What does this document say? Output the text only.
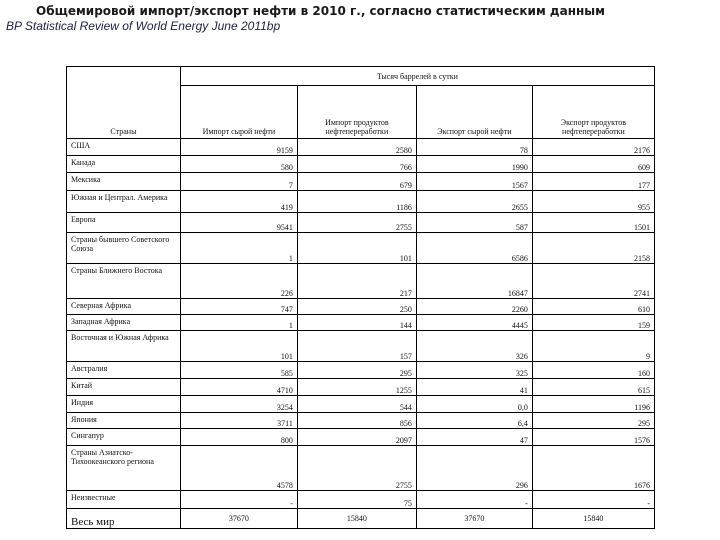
Общемировой импорт/экспорт нефти в 2010 г., согласно статистическим данным
BP Statistical Review of World Energy June 2011bp
Страны	Тысяч баррелей в сутки			
	Импорт сырой нефти	Импорт продуктов нефтепереработки	Экспорт сырой нефти	Экспорт продуктов нефтепереработки
США	9159	2580	78	2176
Канада	580	766	1990	609
Мексика	7	679	1567	177
Южная и Централ. Америка	419	1186	2655	955
Европа	9541	2755	587	1501
Страны бывшего Советского Союза	1	101	6586	2158
Страны Ближнего Востока	226	217	16847	2741
Северная Африка	747	250	2260	610
Западная Африка	1	144	4445	159
Восточная и Южная Африка	101	157	326	9
Австралия	585	295	325	160
Китай	4710	1255	41	615
Индия	3254	544	0,0	1196
Япония	3711	856	6,4	295
Сингапур	800	2097	47	1576
Страны Азиатско-Тихоокеанского региона	4578	2755	296	1676
Неизвестные	-	75	-	-
Весь мир	37670	15840	37670	15840
